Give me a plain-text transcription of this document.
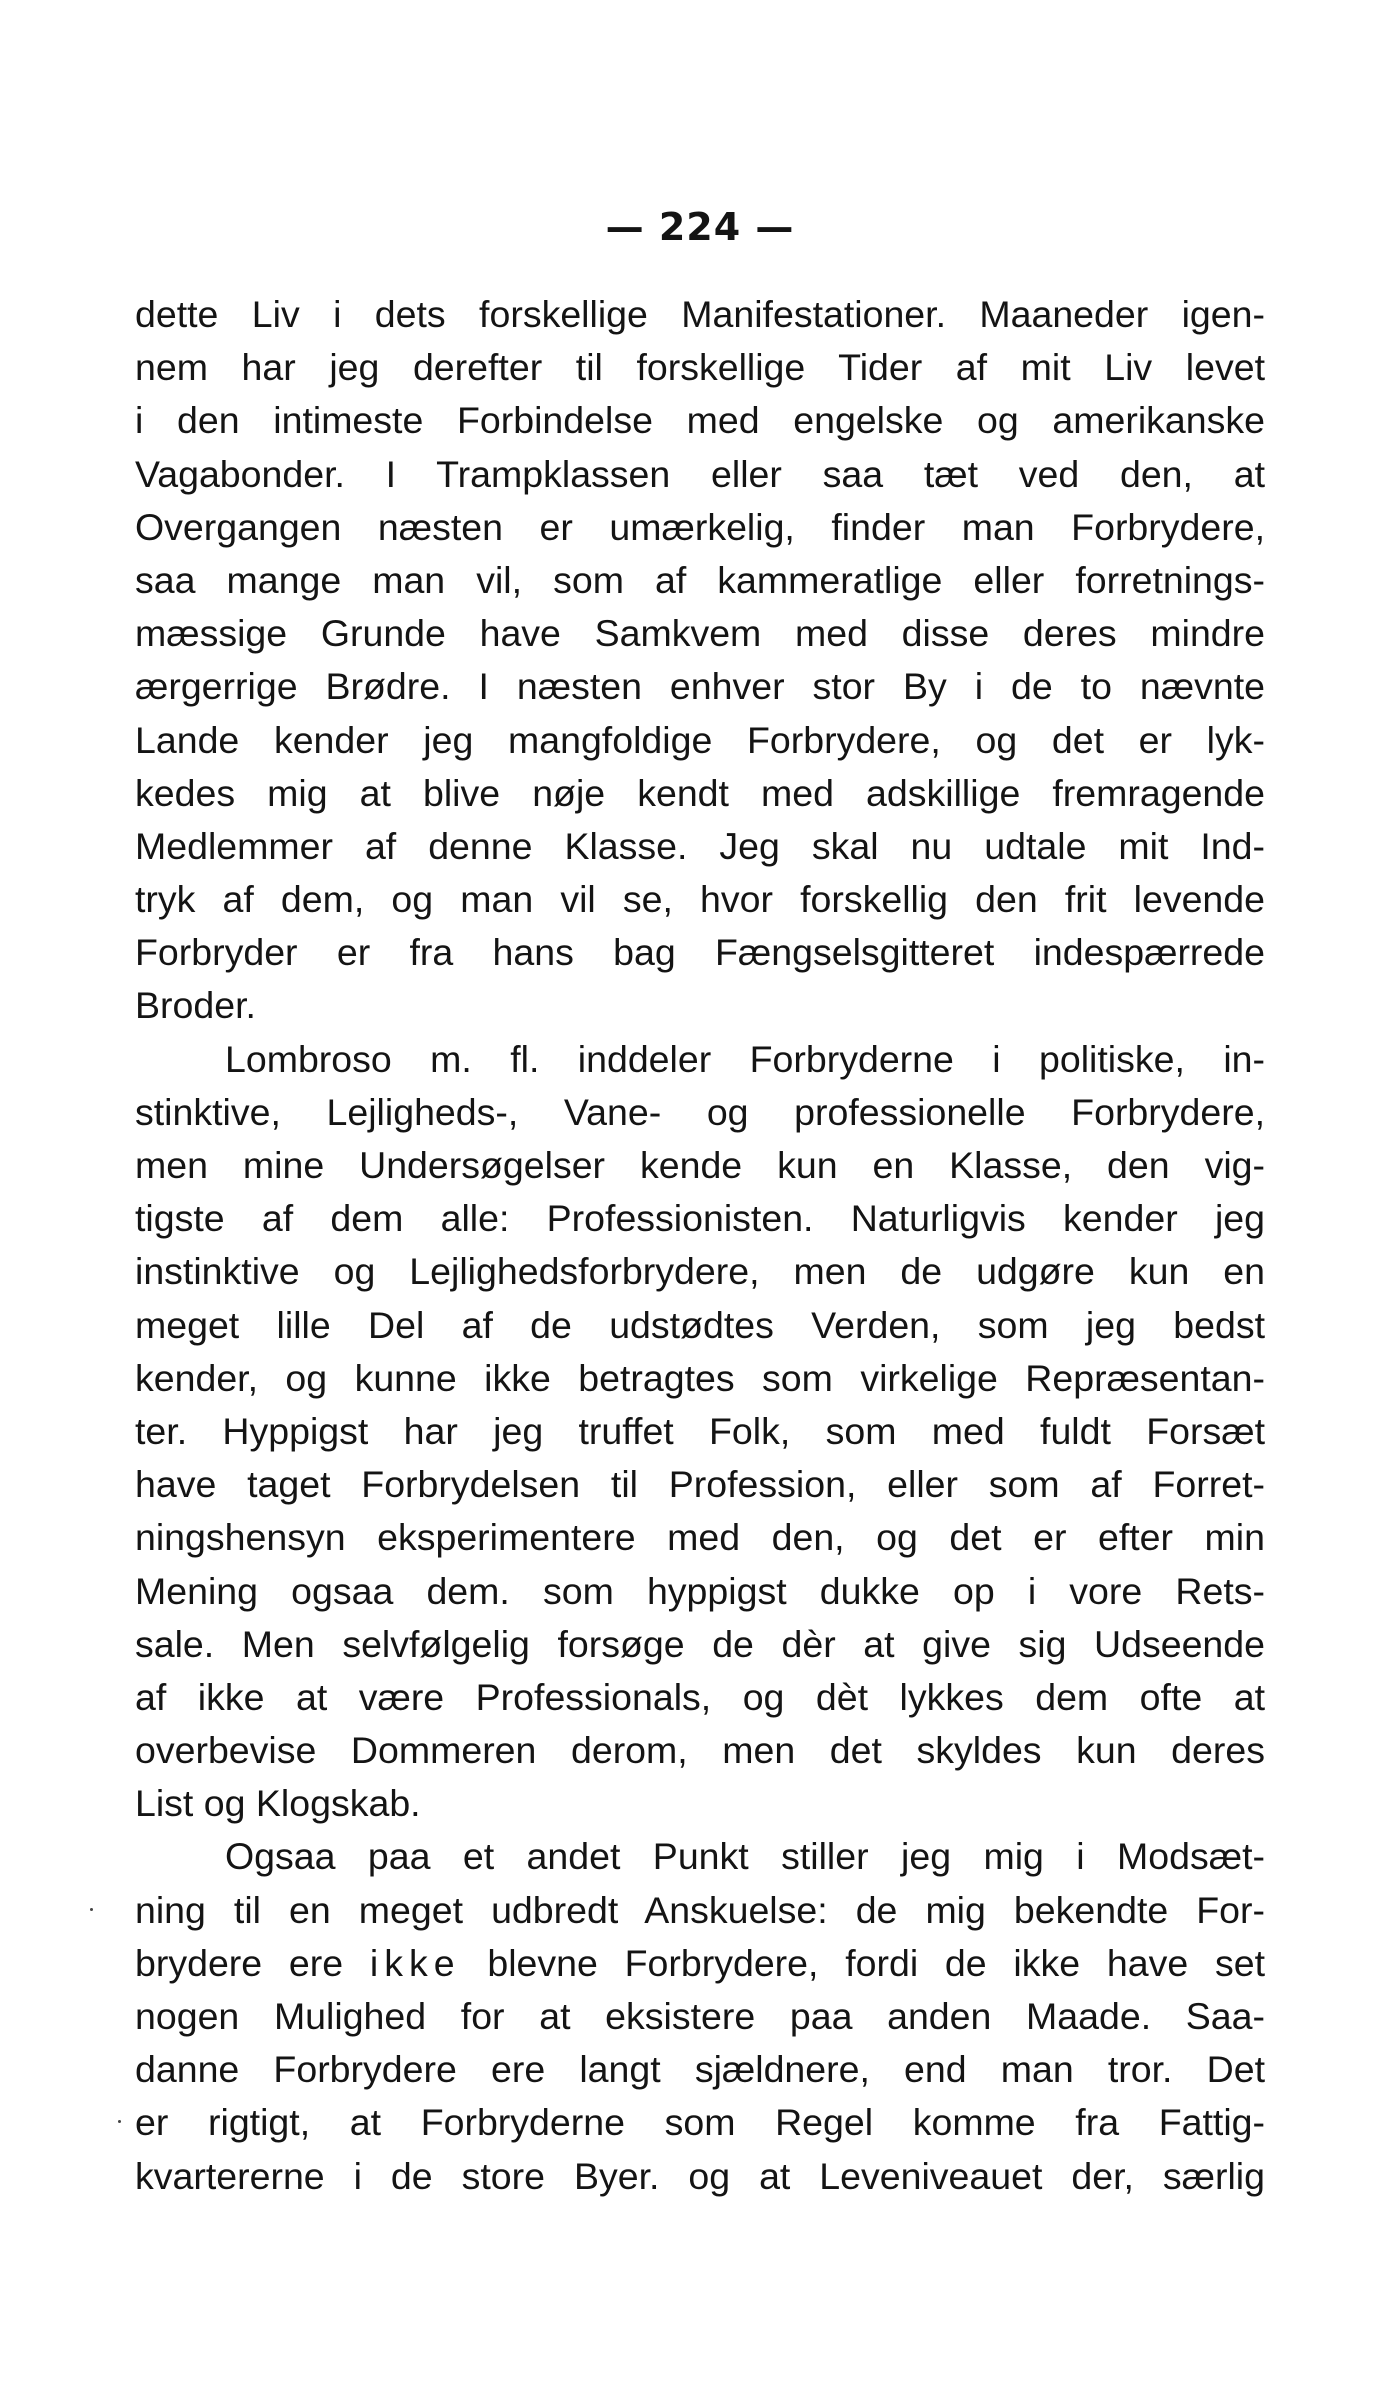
— 224 —
dette Liv i dets forskellige Manifestationer. Maaneder igen-
nem har jeg derefter til forskellige Tider af mit Liv levet
i den intimeste Forbindelse med engelske og amerikanske
Vagabonder. I Trampklassen eller saa tæt ved den, at
Overgangen næsten er umærkelig, finder man Forbrydere,
saa mange man vil, som af kammeratlige eller forretnings-
mæssige Grunde have Samkvem med disse deres mindre
ærgerrige Brødre. I næsten enhver stor By i de to nævnte
Lande kender jeg mangfoldige Forbrydere, og det er lyk-
kedes mig at blive nøje kendt med adskillige fremragende
Medlemmer af denne Klasse. Jeg skal nu udtale mit Ind-
tryk af dem, og man vil se, hvor forskellig den frit levende
Forbryder er fra hans bag Fængselsgitteret indespærrede
Broder.
Lombroso m. fl. inddeler Forbryderne i politiske, in-
stinktive, Lejligheds-, Vane- og professionelle Forbrydere,
men mine Undersøgelser kende kun en Klasse, den vig-
tigste af dem alle: Professionisten. Naturligvis kender jeg
instinktive og Lejlighedsforbrydere, men de udgøre kun en
meget lille Del af de udstødtes Verden, som jeg bedst
kender, og kunne ikke betragtes som virkelige Repræsentan-
ter. Hyppigst har jeg truffet Folk, som med fuldt Forsæt
have taget Forbrydelsen til Profession, eller som af Forret-
ningshensyn eksperimentere med den, og det er efter min
Mening ogsaa dem. som hyppigst dukke op i vore Rets-
sale. Men selvfølgelig forsøge de dèr at give sig Udseende
af ikke at være Professionals, og dèt lykkes dem ofte at
overbevise Dommeren derom, men det skyldes kun deres
List og Klogskab.
Ogsaa paa et andet Punkt stiller jeg mig i Modsæt-
ning til en meget udbredt Anskuelse: de mig bekendte For-
brydere ere ikke blevne Forbrydere, fordi de ikke have set
nogen Mulighed for at eksistere paa anden Maade. Saa-
danne Forbrydere ere langt sjældnere, end man tror. Det
er rigtigt, at Forbryderne som Regel komme fra Fattig-
kvartererne i de store Byer. og at Leveniveauet der, særlig
